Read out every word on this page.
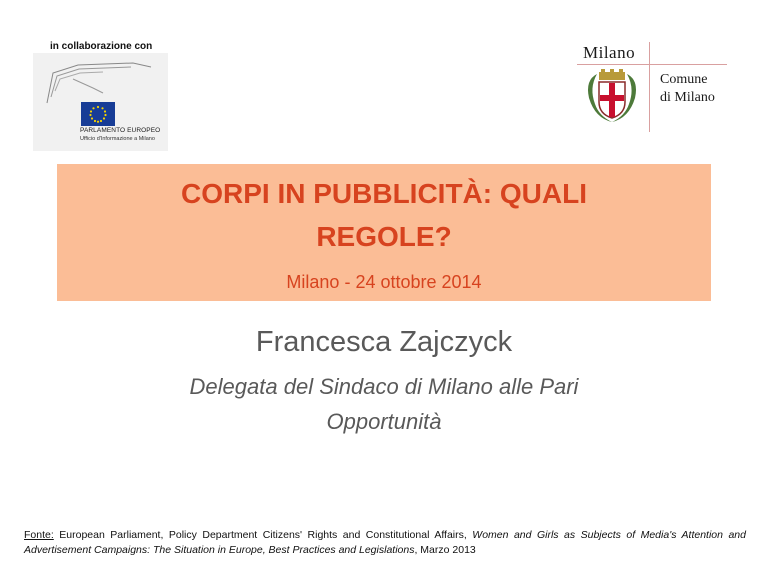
in collaborazione con
PARLAMENTO EUROPEO
Ufficio d'Informazione a Milano
Milano
Comune
di Milano
CORPI IN PUBBLICITÀ: QUALI
REGOLE?
Milano - 24 ottobre 2014
Francesca Zajczyck
Delegata del Sindaco di Milano alle Pari
Opportunità
Fonte: European Parliament, Policy Department Citizens' Rights and Constitutional Affairs, Women and Girls as Subjects of Media's Attention and Advertisement Campaigns: The Situation in Europe, Best Practices and Legislations, Marzo 2013
